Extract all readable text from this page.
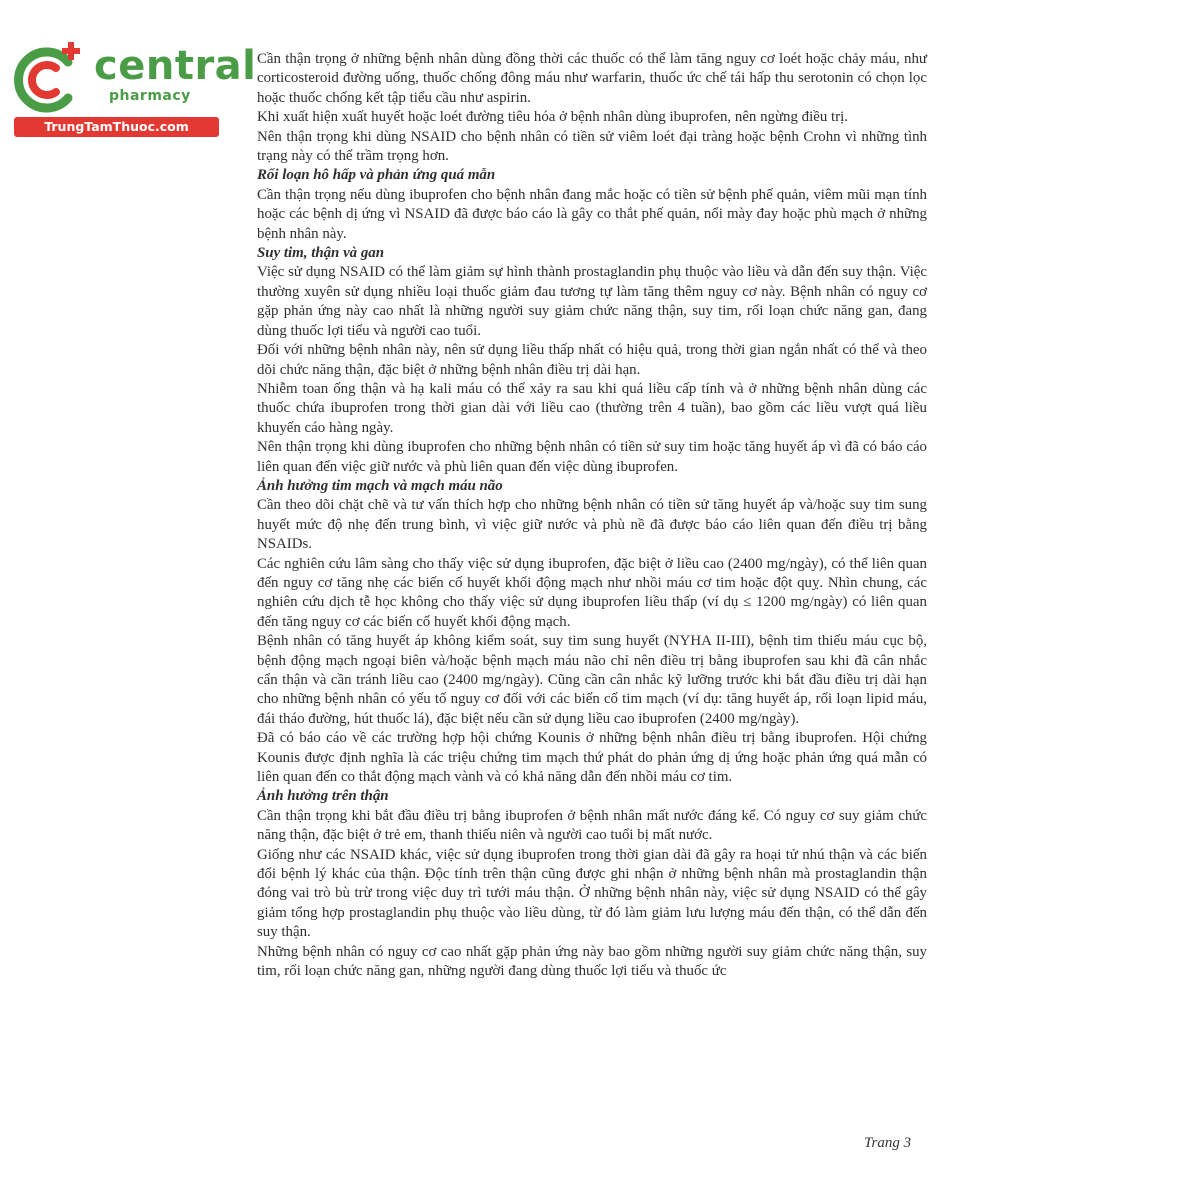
central
pharmacy
TrungTamThuoc.com

Cần thận trọng ở những bệnh nhân dùng đồng thời các thuốc có thể làm tăng nguy cơ loét hoặc chảy máu, như corticosteroid đường uống, thuốc chống đông máu như warfarin, thuốc ức chế tái hấp thu serotonin có chọn lọc hoặc thuốc chống kết tập tiểu cầu như aspirin.

Khi xuất hiện xuất huyết hoặc loét đường tiêu hóa ở bệnh nhân dùng ibuprofen, nên ngừng điều trị.

Nên thận trọng khi dùng NSAID cho bệnh nhân có tiền sử viêm loét đại tràng hoặc bệnh Crohn vì những tình trạng này có thể trầm trọng hơn.

Rối loạn hô hấp và phản ứng quá mẫn

Cần thận trọng nếu dùng ibuprofen cho bệnh nhân đang mắc hoặc có tiền sử bệnh phế quản, viêm mũi mạn tính hoặc các bệnh dị ứng vì NSAID đã được báo cáo là gây co thắt phế quản, nổi mày đay hoặc phù mạch ở những bệnh nhân này.

Suy tim, thận và gan

Việc sử dụng NSAID có thể làm giảm sự hình thành prostaglandin phụ thuộc vào liều và dẫn đến suy thận. Việc thường xuyên sử dụng nhiều loại thuốc giảm đau tương tự làm tăng thêm nguy cơ này. Bệnh nhân có nguy cơ gặp phản ứng này cao nhất là những người suy giảm chức năng thận, suy tim, rối loạn chức năng gan, đang dùng thuốc lợi tiểu và người cao tuổi.

Đối với những bệnh nhân này, nên sử dụng liều thấp nhất có hiệu quả, trong thời gian ngắn nhất có thể và theo dõi chức năng thận, đặc biệt ở những bệnh nhân điều trị dài hạn.

Nhiễm toan ống thận và hạ kali máu có thể xảy ra sau khi quá liều cấp tính và ở những bệnh nhân dùng các thuốc chứa ibuprofen trong thời gian dài với liều cao (thường trên 4 tuần), bao gồm các liều vượt quá liều khuyến cáo hàng ngày.

Nên thận trọng khi dùng ibuprofen cho những bệnh nhân có tiền sử suy tim hoặc tăng huyết áp vì đã có báo cáo liên quan đến việc giữ nước và phù liên quan đến việc dùng ibuprofen.

Ảnh hưởng tim mạch và mạch máu não

Cần theo dõi chặt chẽ và tư vấn thích hợp cho những bệnh nhân có tiền sử tăng huyết áp và/hoặc suy tim sung huyết mức độ nhẹ đến trung bình, vì việc giữ nước và phù nề đã được báo cáo liên quan đến điều trị bằng NSAIDs.

Các nghiên cứu lâm sàng cho thấy việc sử dụng ibuprofen, đặc biệt ở liều cao (2400 mg/ngày), có thể liên quan đến nguy cơ tăng nhẹ các biến cố huyết khối động mạch như nhồi máu cơ tim hoặc đột quỵ. Nhìn chung, các nghiên cứu dịch tễ học không cho thấy việc sử dụng ibuprofen liều thấp (ví dụ ≤ 1200 mg/ngày) có liên quan đến tăng nguy cơ các biến cố huyết khối động mạch.

Bệnh nhân có tăng huyết áp không kiểm soát, suy tim sung huyết (NYHA II-III), bệnh tim thiếu máu cục bộ, bệnh động mạch ngoại biên và/hoặc bệnh mạch máu não chỉ nên điều trị bằng ibuprofen sau khi đã cân nhắc cẩn thận và cần tránh liều cao (2400 mg/ngày). Cũng cần cân nhắc kỹ lưỡng trước khi bắt đầu điều trị dài hạn cho những bệnh nhân có yếu tố nguy cơ đối với các biến cố tim mạch (ví dụ: tăng huyết áp, rối loạn lipid máu, đái tháo đường, hút thuốc lá), đặc biệt nếu cần sử dụng liều cao ibuprofen (2400 mg/ngày).

Đã có báo cáo về các trường hợp hội chứng Kounis ở những bệnh nhân điều trị bằng ibuprofen. Hội chứng Kounis được định nghĩa là các triệu chứng tim mạch thứ phát do phản ứng dị ứng hoặc phản ứng quá mẫn có liên quan đến co thắt động mạch vành và có khả năng dẫn đến nhồi máu cơ tim.

Ảnh hưởng trên thận

Cần thận trọng khi bắt đầu điều trị bằng ibuprofen ở bệnh nhân mất nước đáng kể. Có nguy cơ suy giảm chức năng thận, đặc biệt ở trẻ em, thanh thiếu niên và người cao tuổi bị mất nước.

Giống như các NSAID khác, việc sử dụng ibuprofen trong thời gian dài đã gây ra hoại tử nhú thận và các biến đổi bệnh lý khác của thận. Độc tính trên thận cũng được ghi nhận ở những bệnh nhân mà prostaglandin thận đóng vai trò bù trừ trong việc duy trì tưới máu thận. Ở những bệnh nhân này, việc sử dụng NSAID có thể gây giảm tổng hợp prostaglandin phụ thuộc vào liều dùng, từ đó làm giảm lưu lượng máu đến thận, có thể dẫn đến suy thận.

Những bệnh nhân có nguy cơ cao nhất gặp phản ứng này bao gồm những người suy giảm chức năng thận, suy tim, rối loạn chức năng gan, những người đang dùng thuốc lợi tiểu và thuốc ức

Trang 3
